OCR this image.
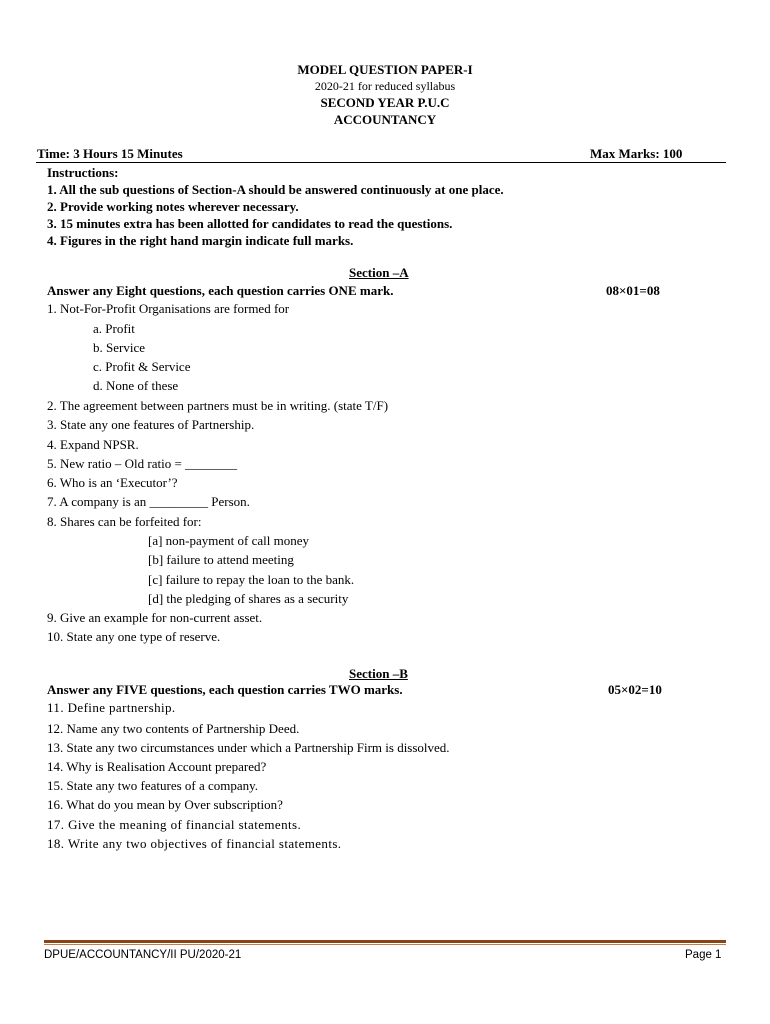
MODEL QUESTION PAPER-I
2020-21 for reduced syllabus
SECOND YEAR P.U.C
ACCOUNTANCY
Time: 3 Hours 15 Minutes	Max Marks: 100
Instructions:
1. All the sub questions of Section-A should be answered continuously at one place.
2. Provide working notes wherever necessary.
3. 15 minutes extra has been allotted for candidates to read the questions.
4. Figures in the right hand margin indicate full marks.
Section –A
Answer any Eight questions, each question carries ONE mark.	08×01=08
1. Not-For-Profit Organisations are formed for
a. Profit
b. Service
c. Profit & Service
d. None of these
2. The agreement between partners must be in writing. (state T/F)
3. State any one features of Partnership.
4. Expand NPSR.
5. New ratio – Old ratio = ________
6. Who is an ‘Executor’?
7. A company is an _________ Person.
8. Shares can be forfeited for:
[a] non-payment of call money
[b] failure to attend meeting
[c] failure to repay the loan to the bank.
[d] the pledging of shares as a security
9. Give an example for non-current asset.
10. State any one type of reserve.
Section –B
Answer any FIVE questions, each question carries TWO marks.	05×02=10
11. Define partnership.
12. Name any two contents of Partnership Deed.
13. State any two circumstances under which a Partnership Firm is dissolved.
14. Why is Realisation Account prepared?
15. State any two features of a company.
16. What do you mean by Over subscription?
17. Give the meaning of financial statements.
18. Write any two objectives of financial statements.
DPUE/ACCOUNTANCY/II PU/2020-21	Page 1
